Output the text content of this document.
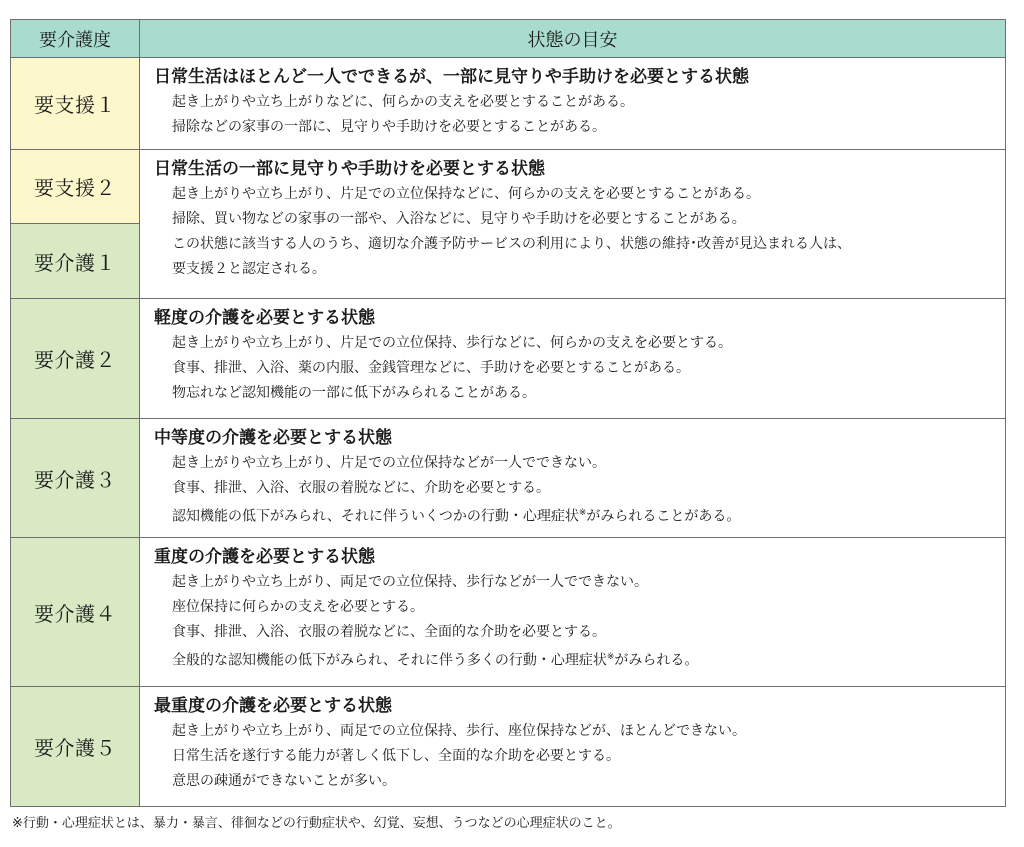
要介護度	状態の目安
要支援１	日常生活はほとんど一人でできるが、一部に見守りや手助けを必要とする状態
起き上がりや立ち上がりなどに、何らかの支えを必要とすることがある。
掃除などの家事の一部に、見守りや手助けを必要とすることがある。

要支援２	日常生活の一部に見守りや手助けを必要とする状態
起き上がりや立ち上がり、片足での立位保持などに、何らかの支えを必要とすることがある。
掃除、買い物などの家事の一部や、入浴などに、見守りや手助けを必要とすることがある。
この状態に該当する人のうち、適切な介護予防サービスの利用により、状態の維持･改善が見込まれる人は、
要支援２と認定される。

要介護１	
要介護２	軽度の介護を必要とする状態
起き上がりや立ち上がり、片足での立位保持、歩行などに、何らかの支えを必要とする。
食事、排泄、入浴、薬の内服、金銭管理などに、手助けを必要とすることがある。
物忘れなど認知機能の一部に低下がみられることがある。

要介護３	中等度の介護を必要とする状態
起き上がりや立ち上がり、片足での立位保持などが一人でできない。
食事、排泄、入浴、衣服の着脱などに、介助を必要とする。
認知機能の低下がみられ、それに伴ういくつかの行動・心理症状※がみられることがある。

要介護４	重度の介護を必要とする状態
起き上がりや立ち上がり、両足での立位保持、歩行などが一人でできない。
座位保持に何らかの支えを必要とする。
食事、排泄、入浴、衣服の着脱などに、全面的な介助を必要とする。
全般的な認知機能の低下がみられ、それに伴う多くの行動・心理症状※がみられる。

要介護５	最重度の介護を必要とする状態
起き上がりや立ち上がり、両足での立位保持、歩行、座位保持などが、ほとんどできない。
日常生活を遂行する能力が著しく低下し、全面的な介助を必要とする。
意思の疎通ができないことが多い。
※行動・心理症状とは、暴力・暴言、徘徊などの行動症状や、幻覚、妄想、うつなどの心理症状のこと。
